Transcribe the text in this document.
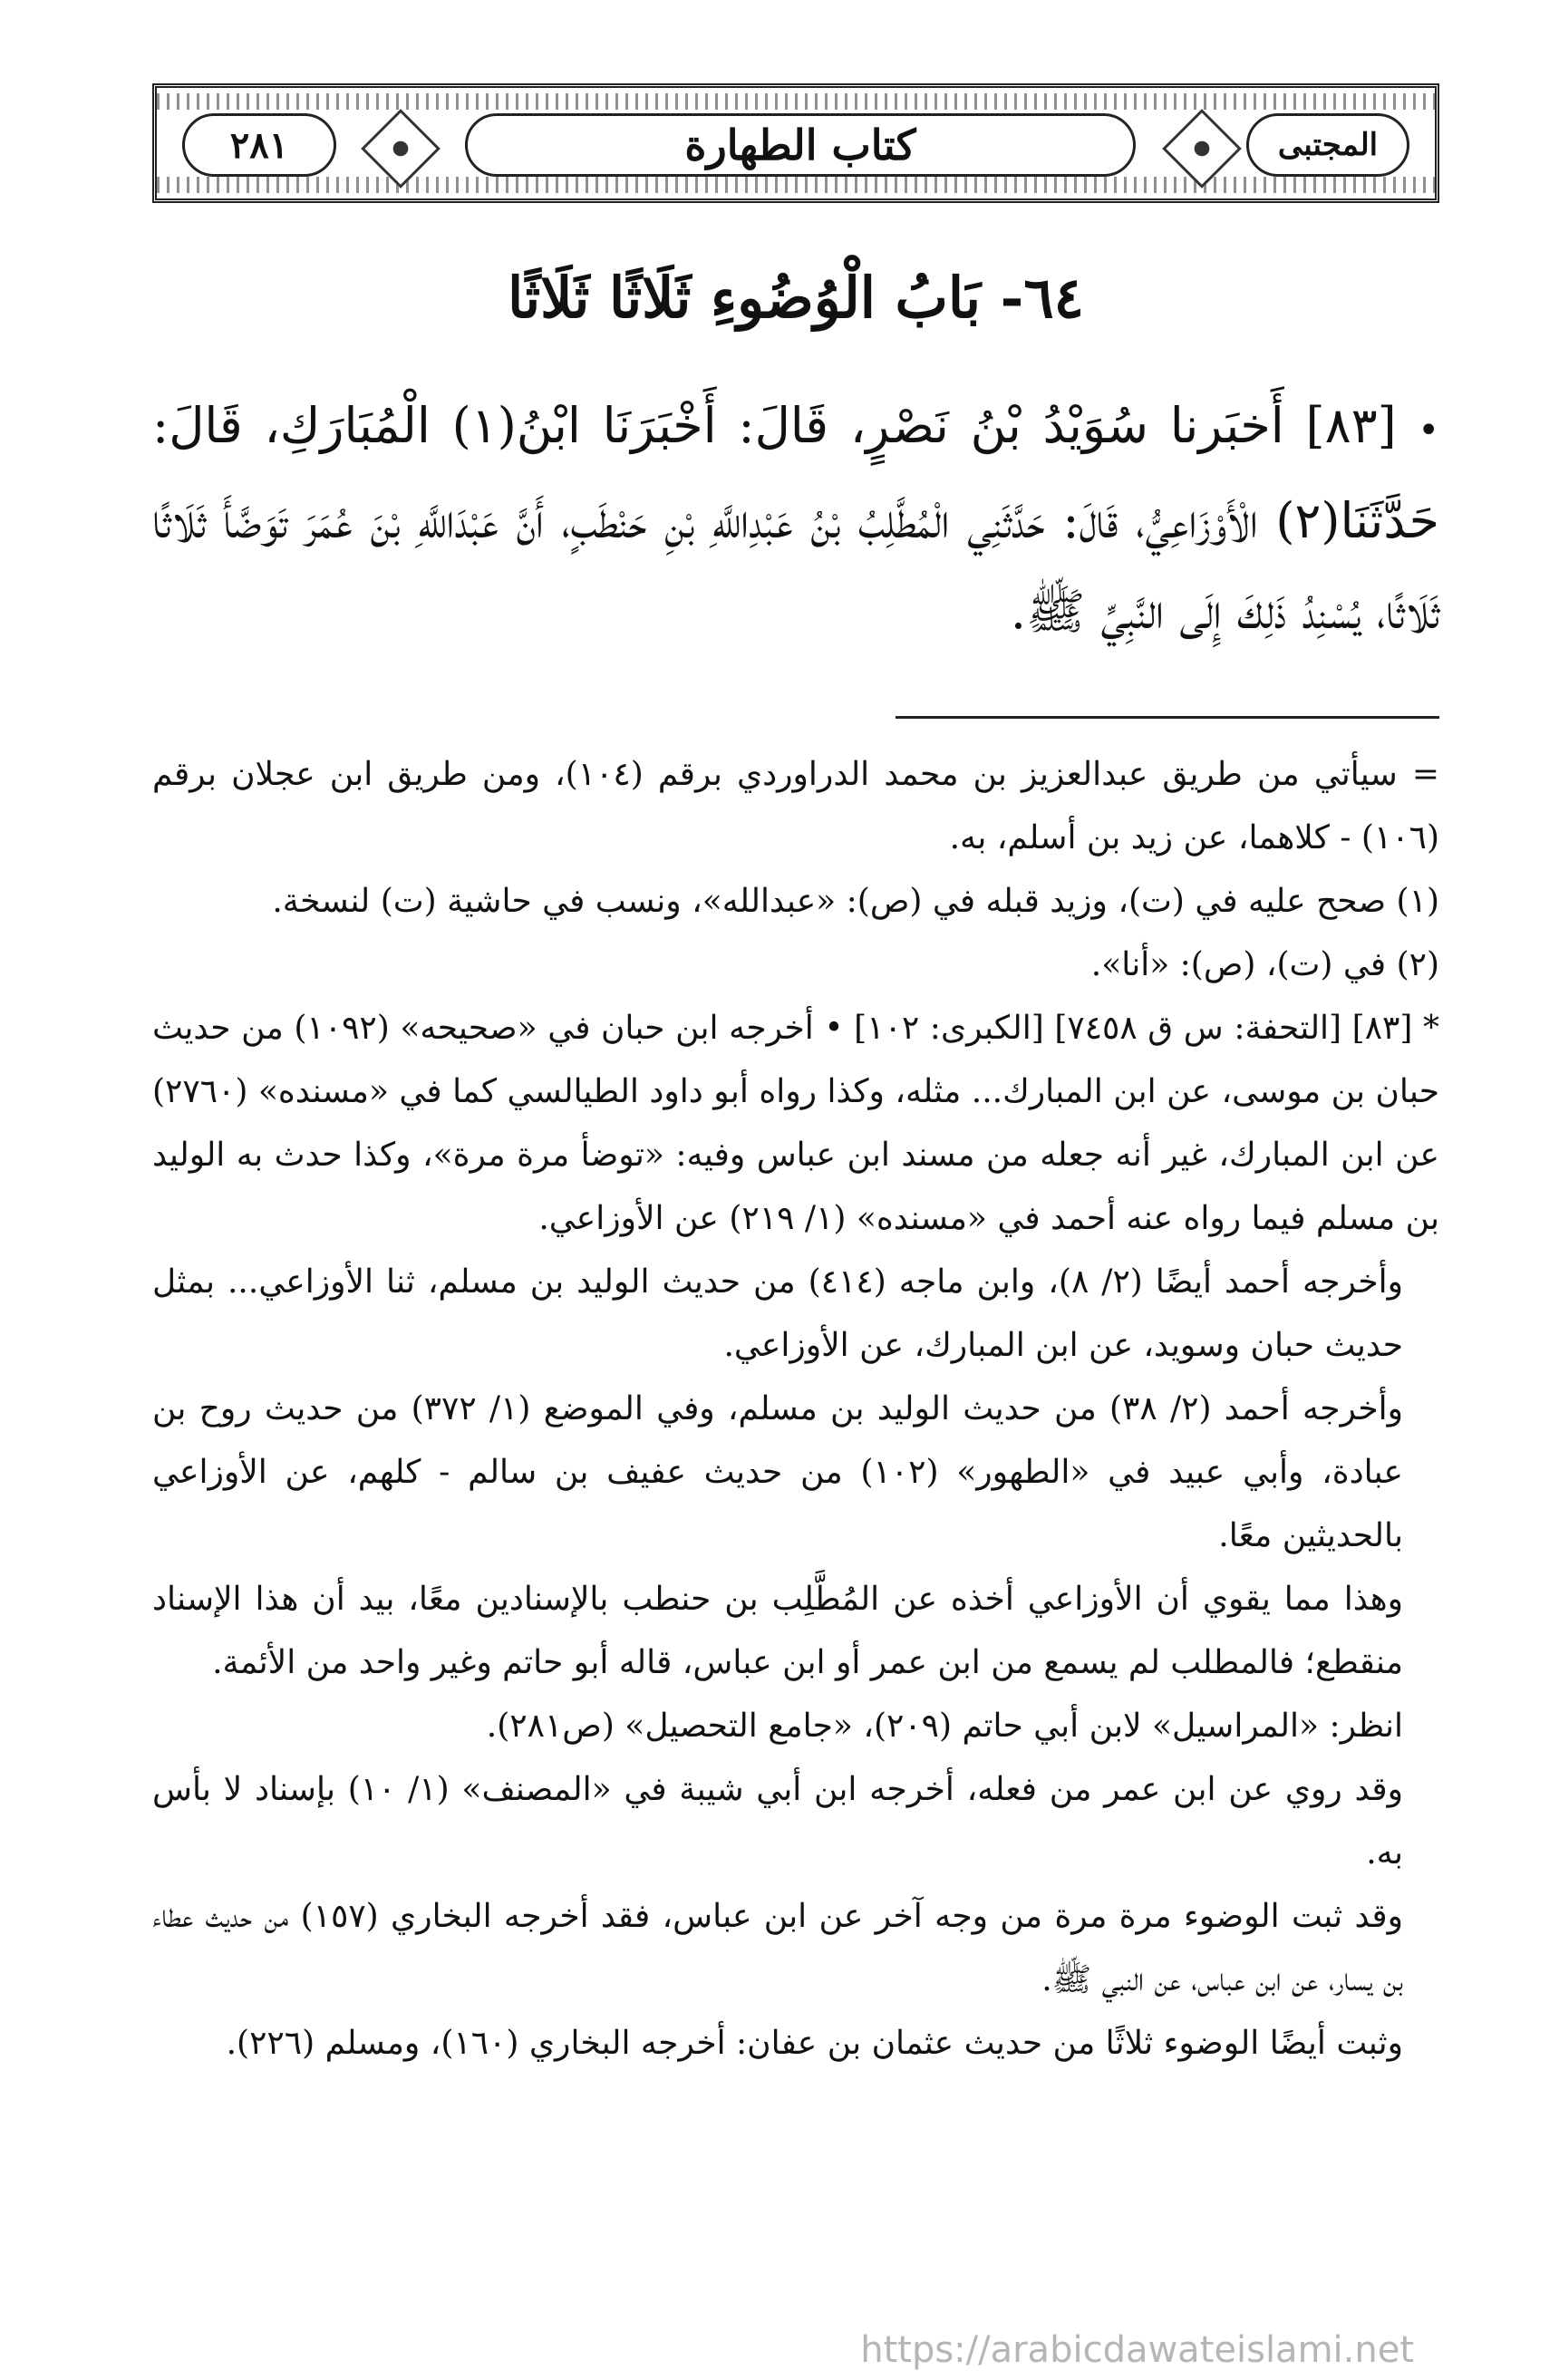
٢٨١	كتاب الطهارة	المجتبى
٦٤- بَابُ الْوُضُوءِ ثَلَاثًا ثَلَاثًا

• [٨٣] أَخبَرنا سُوَيْدُ بْنُ نَصْرٍ، قَالَ: أَخْبَرَنَا ابْنُ(١) الْمُبَارَكِ، قَالَ: حَدَّثَنَا(٢) الْأَوْزَاعِيُّ، قَالَ: حَدَّثَنِي الْمُطَّلِبُ بْنُ عَبْدِاللَّهِ بْنِ حَنْطَبٍ، أَنَّ عَبْدَاللَّهِ بْنَ عُمَرَ تَوَضَّأَ ثَلَاثًا ثَلَاثًا، يُسْنِدُ ذَلِكَ إِلَى النَّبِيِّ ﷺ.

= سيأتي من طريق عبدالعزيز بن محمد الدراوردي برقم (١٠٤)، ومن طريق ابن عجلان برقم (١٠٦) - كلاهما، عن زيد بن أسلم، به.

(١) صحح عليه في (ت)، وزيد قبله في (ص): «عبدالله»، ونسب في حاشية (ت) لنسخة.

(٢) في (ت)، (ص): «أنا».

* [٨٣] [التحفة: س ق ٧٤٥٨] [الكبرى: ١٠٢] • أخرجه ابن حبان في «صحيحه» (١٠٩٢) من حديث حبان بن موسى، عن ابن المبارك... مثله، وكذا رواه أبو داود الطيالسي كما في «مسنده» (٢٧٦٠) عن ابن المبارك، غير أنه جعله من مسند ابن عباس وفيه: «توضأ مرة مرة»، وكذا حدث به الوليد بن مسلم فيما رواه عنه أحمد في «مسنده» (١/ ٢١٩) عن الأوزاعي.

وأخرجه أحمد أيضًا (٢/ ٨)، وابن ماجه (٤١٤) من حديث الوليد بن مسلم، ثنا الأوزاعي... بمثل حديث حبان وسويد، عن ابن المبارك، عن الأوزاعي.

وأخرجه أحمد (٢/ ٣٨) من حديث الوليد بن مسلم، وفي الموضع (١/ ٣٧٢) من حديث روح بن عبادة، وأبي عبيد في «الطهور» (١٠٢) من حديث عفيف بن سالم - كلهم، عن الأوزاعي بالحديثين معًا.

وهذا مما يقوي أن الأوزاعي أخذه عن المُطَّلِب بن حنطب بالإسنادين معًا، بيد أن هذا الإسناد منقطع؛ فالمطلب لم يسمع من ابن عمر أو ابن عباس، قاله أبو حاتم وغير واحد من الأئمة.

انظر: «المراسيل» لابن أبي حاتم (٢٠٩)، «جامع التحصيل» (ص٢٨١).

وقد روي عن ابن عمر من فعله، أخرجه ابن أبي شيبة في «المصنف» (١/ ١٠) بإسناد لا بأس به.

وقد ثبت الوضوء مرة مرة من وجه آخر عن ابن عباس، فقد أخرجه البخاري (١٥٧) من حديث عطاء بن يسار، عن ابن عباس، عن النبي ﷺ.

وثبت أيضًا الوضوء ثلاثًا من حديث عثمان بن عفان: أخرجه البخاري (١٦٠)، ومسلم (٢٢٦).

https://arabicdawateislami.net
